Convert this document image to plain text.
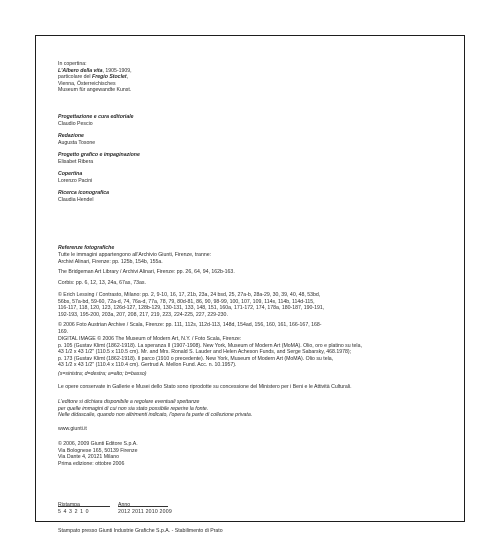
In copertina:
L'Albero della vita, 1905-1909,
particolare del Fregio Stoclet,
Vienna, Österreichisches
Museum für angewandte Kunst.
Progettazione e cura editoriale
Claudio Pescio
Redazione
Augusta Tosone
Progetto grafico e impaginazione
Elisabet Ribera
Copertina
Lorenzo Pacini
Ricerca iconografica
Claudia Hendel
Referenze fotografiche
Tutte le immagini appartengono all'Archivio Giunti, Firenze, tranne:
Archivi Alinari, Firenze: pp. 125b, 154b, 155a.
The Bridgeman Art Library / Archivi Alinari, Firenze: pp. 26, 64, 94, 162b-163.
Corbis: pp. 6, 12, 13, 24a, 67as, 73as.
© Erich Lessing / Contrasto, Milano: pp. 2, 9-10, 16, 17, 21b, 23a, 24 bsd, 25, 27a-b, 28a-29, 30, 39, 40, 48, 53bd,
56bs, 57a-bd, 59-60, 72a-d, 74, 76a-d, 77a, 78, 79, 80d-81, 86, 90, 98-99, 100, 107, 109, 114s, 114b, 114d-115,
116-117, 118, 120, 123, 126d-127, 128b-129, 130-131, 133, 148, 151, 160a, 171-172, 174, 178a, 180-187, 190-191,
192-193, 195-200, 203a, 207, 208, 217, 219, 223, 224-225, 227, 229-230.
© 2006 Foto Austrian Archive / Scala, Firenze: pp. 111, 112s, 112d-113, 148d, 154ad, 156, 160, 161, 166-167, 168-
169.
DIGITAL IMAGE © 2006 The Museum of Modern Art, N.Y. / Foto Scala, Firenze:
p. 105 (Gustav Klimt (1862-1918). La speranza II (1907-1908). New York, Museum of Modern Art (MoMA). Olio, oro e platino su tela,
43 1/2 x 43 1/2" (110.5 x 110.5 cm). Mr. and Mrs. Ronald S. Lauder and Helen Acheson Funds, and Serge Sabarsky, 468.1978);
p. 173 (Gustav Klimt (1862-1918). Il parco (1910 o precedente). New York, Museum of Modern Art (MoMA). Olio su tela,
43 1/2 x 43 1/2" (110.4 x 110.4 cm). Gertrud A. Mellon Fund. Acc. n. 10.1957).
(s=sinistra; d=destra; a=alto; b=basso)
Le opere conservate in Gallerie e Musei dello Stato sono riprodotte su concessione del Ministero per i Beni e le Attività Culturali.
L'editore si dichiara disponibile a regolare eventuali spettanze
per quelle immagini di cui non sia stato possibile reperire la fonte.
Nelle didascalie, quando non altrimenti indicato, l'opera fa parte di collezione privata.
www.giunti.it
© 2006, 2009 Giunti Editore S.p.A.
Via Bolognese 165, 50139 Firenze
Via Dante 4, 20121 Milano
Prima edizione: ottobre 2006
Ristampa	Anno
5 4 3 2 1 0	2012 2011 2010 2009
Stampato presso Giunti Industrie Grafiche S.p.A. - Stabilimento di Prato
